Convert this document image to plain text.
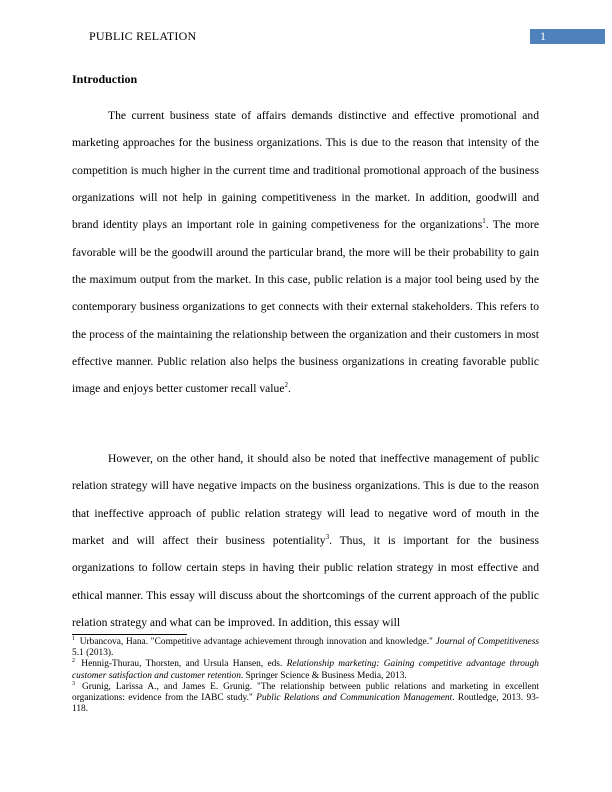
PUBLIC RELATION	1
Introduction

The current business state of affairs demands distinctive and effective promotional and marketing approaches for the business organizations. This is due to the reason that intensity of the competition is much higher in the current time and traditional promotional approach of the business organizations will not help in gaining competitiveness in the market. In addition, goodwill and brand identity plays an important role in gaining competiveness for the organizations$^1$. The more favorable will be the goodwill around the particular brand, the more will be their probability to gain the maximum output from the market. In this case, public relation is a major tool being used by the contemporary business organizations to get connects with their external stakeholders. This refers to the process of the maintaining the relationship between the organization and their customers in most effective manner. Public relation also helps the business organizations in creating favorable public image and enjoys better customer recall value$^2$.

However, on the other hand, it should also be noted that ineffective management of public relation strategy will have negative impacts on the business organizations. This is due to the reason that ineffective approach of public relation strategy will lead to negative word of mouth in the market and will affect their business potentiality$^3$. Thus, it is important for the business organizations to follow certain steps in having their public relation strategy in most effective and ethical manner. This essay will discuss about the shortcomings of the current approach of the public relation strategy and what can be improved. In addition, this essay will

$^1$ Urbancova, Hana. "Competitive advantage achievement through innovation and knowledge." Journal of Competitiveness 5.1 (2013).

$^2$ Hennig-Thurau, Thorsten, and Ursula Hansen, eds. Relationship marketing: Gaining competitive advantage through customer satisfaction and customer retention. Springer Science & Business Media, 2013.

$^3$ Grunig, Larissa A., and James E. Grunig. "The relationship between public relations and marketing in excellent organizations: evidence from the IABC study." Public Relations and Communication Management. Routledge, 2013. 93-118.
